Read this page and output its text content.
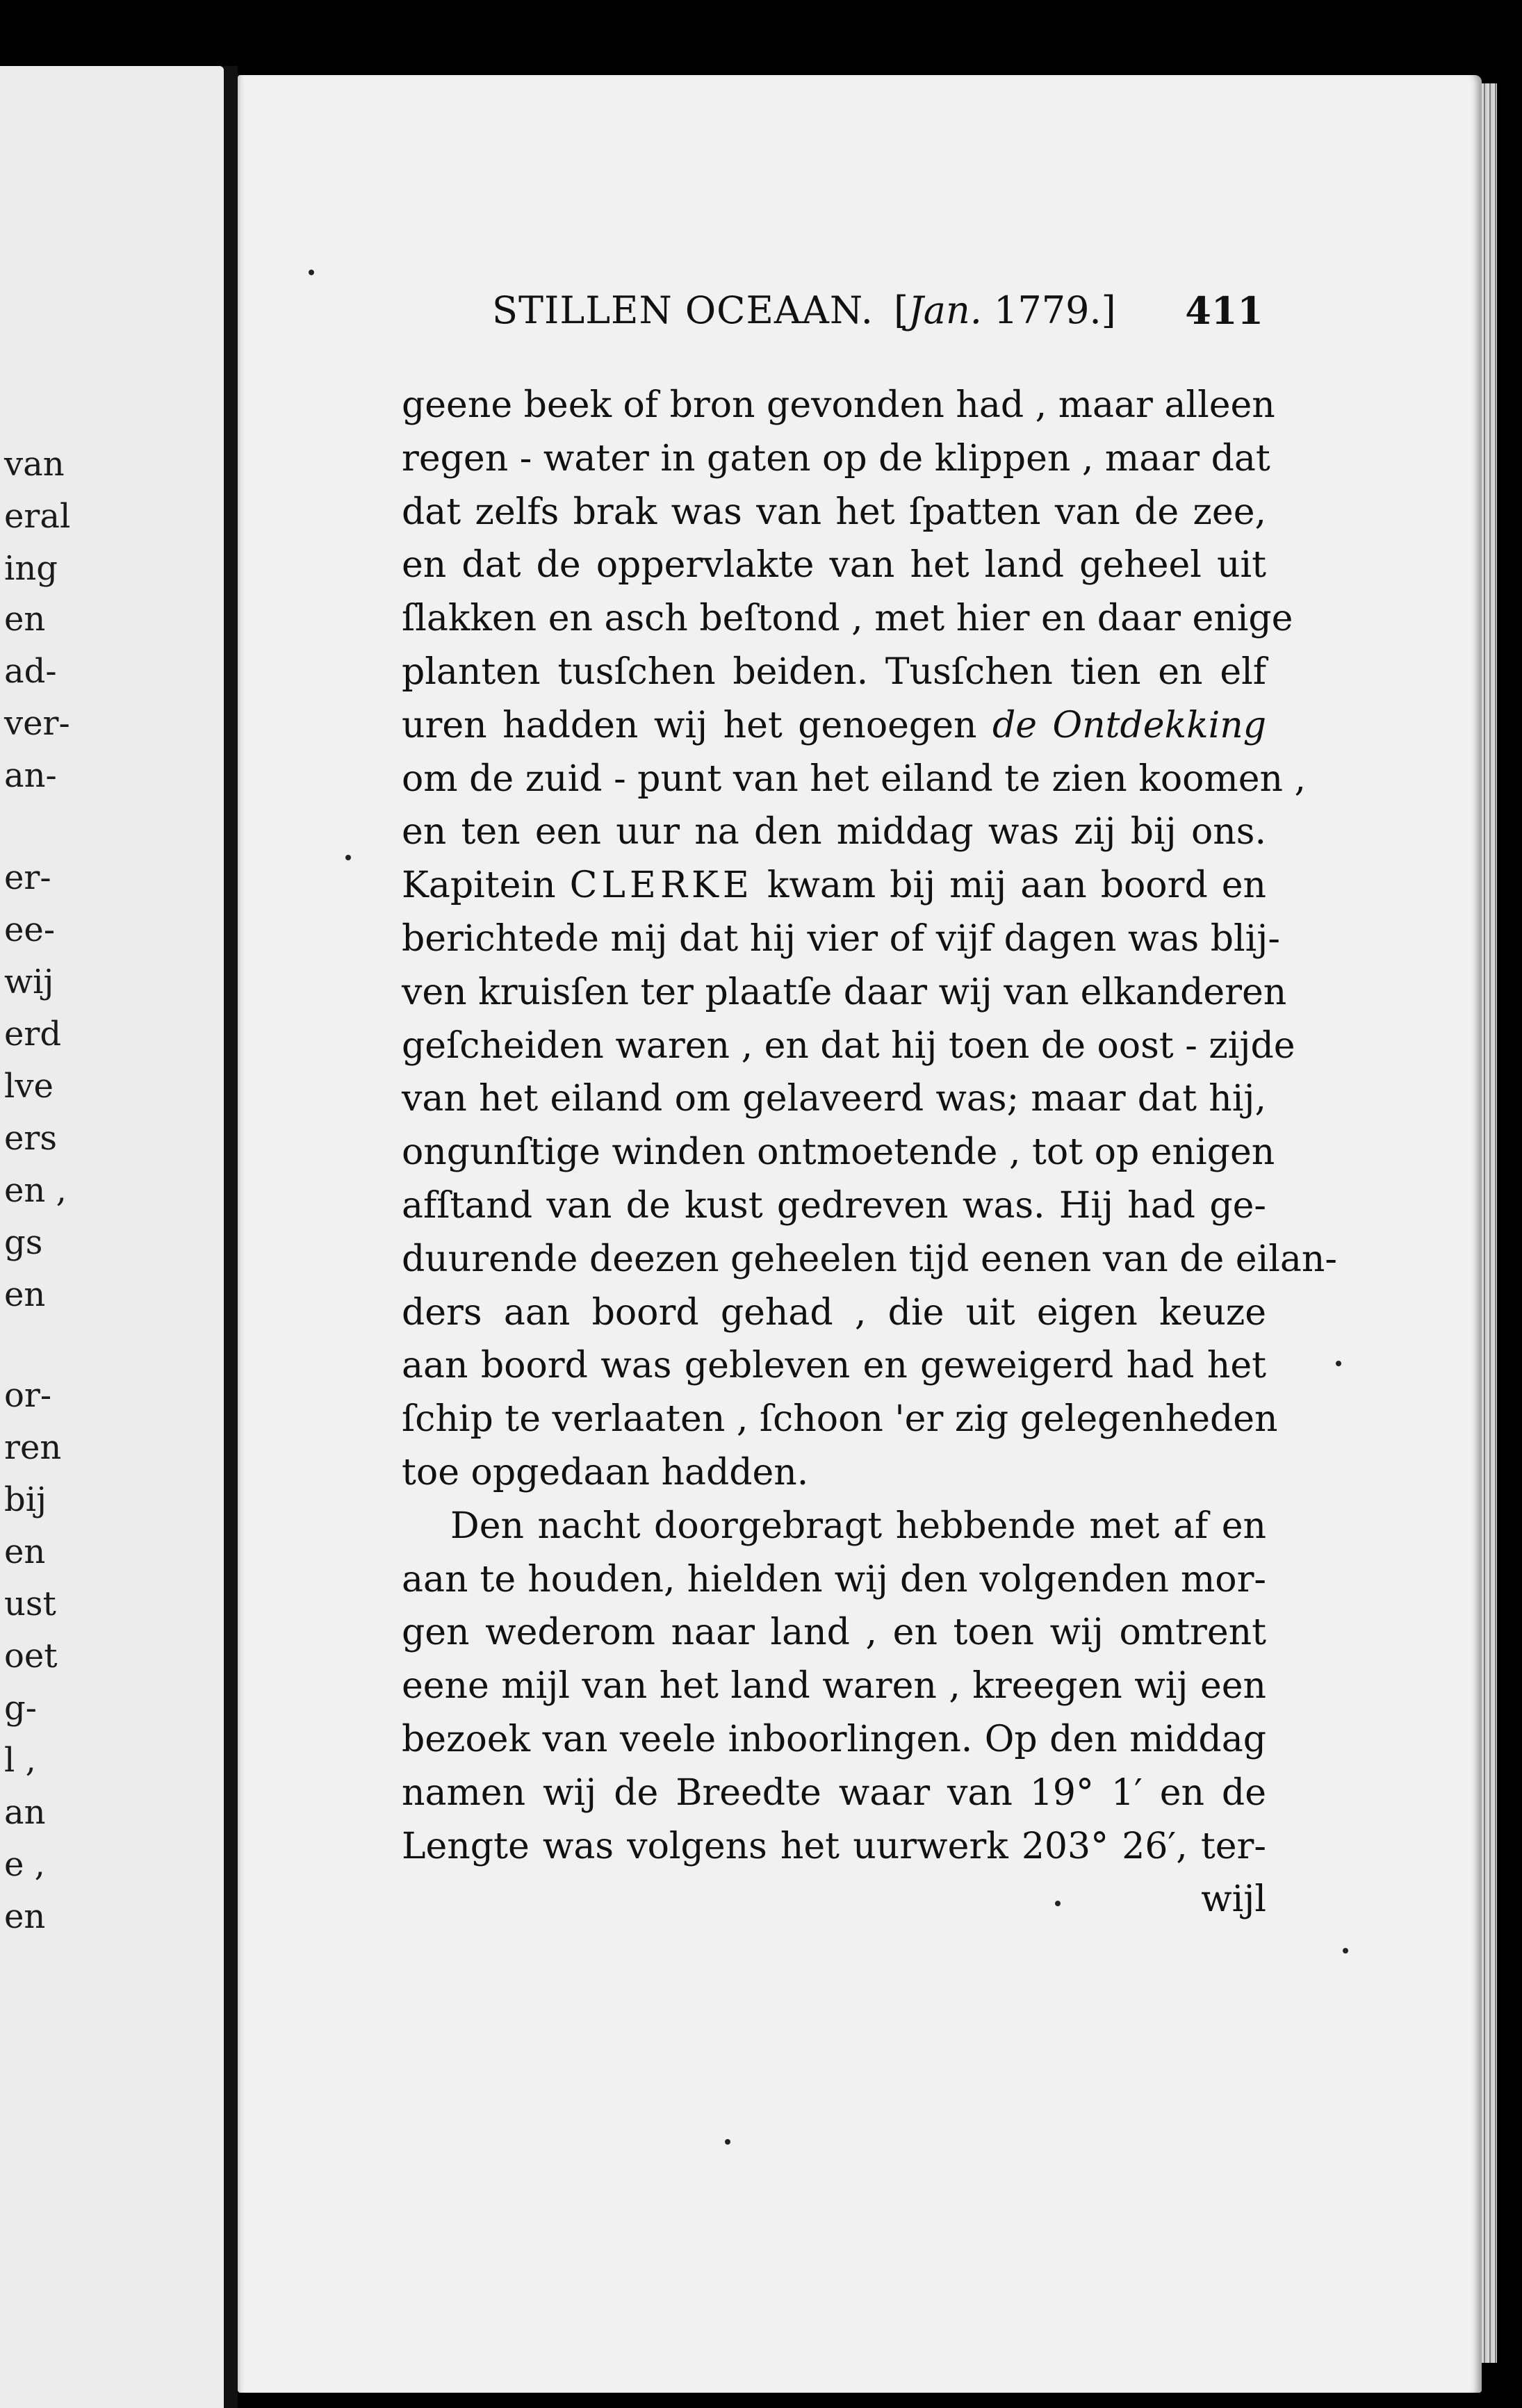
van
eral
ing
en
ad-
ver-
an-
er-
ee-
wij
erd
lve
ers
en ,
gs
en
or-
ren
bij
en
ust
oet
g-
l ,
an
e ,
en
STILLEN OCEAAN. [Jan. 1779.] 411
geene beek of bron gevonden had , maar alleen
regen - water in gaten op de klippen , maar dat
dat zelfs brak was van het ſpatten van de zee,
en dat de oppervlakte van het land geheel uit
ſlakken en asch beſtond , met hier en daar enige
planten tusſchen beiden. Tusſchen tien en elf
uren hadden wij het genoegen de Ontdekking
om de zuid - punt van het eiland te zien koomen ,
en ten een uur na den middag was zij bij ons.
Kapitein CLERKE kwam bij mij aan boord en
berichtede mij dat hij vier of vijf dagen was blij-
ven kruisſen ter plaatſe daar wij van elkanderen
geſcheiden waren , en dat hij toen de oost - zijde
van het eiland om gelaveerd was; maar dat hij,
ongunſtige winden ontmoetende , tot op enigen
afſtand van de kust gedreven was. Hij had ge-
duurende deezen geheelen tijd eenen van de eilan-
ders aan boord gehad , die uit eigen keuze
aan boord was gebleven en geweigerd had het
ſchip te verlaaten , ſchoon 'er zig gelegenheden
toe opgedaan hadden.
Den nacht doorgebragt hebbende met af en
aan te houden, hielden wij den volgenden mor-
gen wederom naar land , en toen wij omtrent
eene mijl van het land waren , kreegen wij een
bezoek van veele inboorlingen. Op den middag
namen wij de Breedte waar van 19° 1′ en de
Lengte was volgens het uurwerk 203° 26′, ter-
wijl
